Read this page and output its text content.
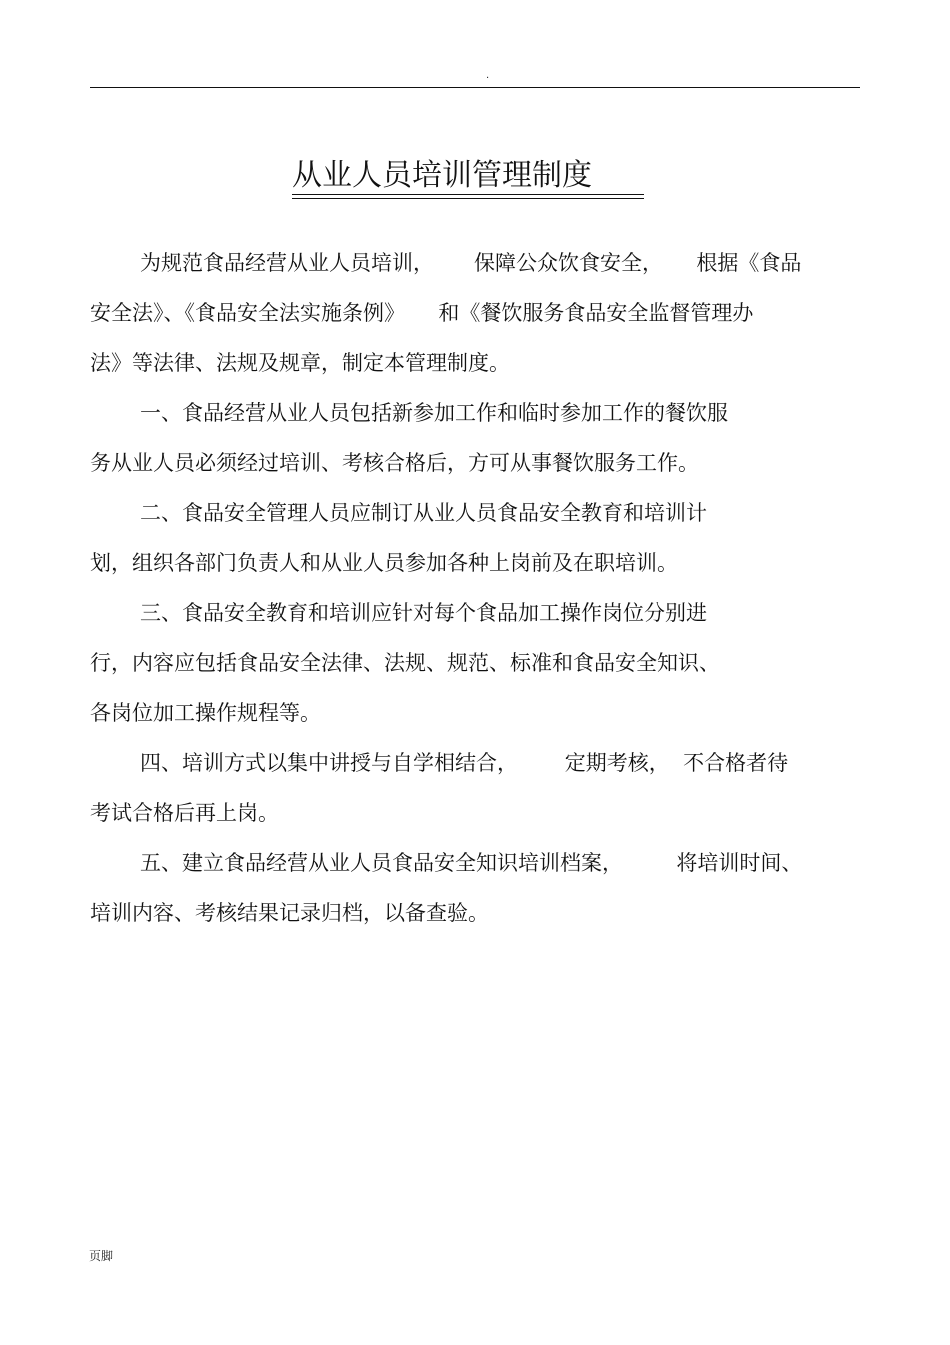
.
从业人员培训管理制度
为规范食品经营从业人员培训，      保障公众饮食安全，     根据《食品
安全法》、《食品安全法实施条例》     和《餐饮服务食品安全监督管理办
法》等法律、法规及规章，制定本管理制度。
一、食品经营从业人员包括新参加工作和临时参加工作的餐饮服
务从业人员必须经过培训、考核合格后，方可从事餐饮服务工作。
二、食品安全管理人员应制订从业人员食品安全教育和培训计
划，组织各部门负责人和从业人员参加各种上岗前及在职培训。
三、食品安全教育和培训应针对每个食品加工操作岗位分别进
行，内容应包括食品安全法律、法规、规范、标准和食品安全知识、
各岗位加工操作规程等。
四、培训方式以集中讲授与自学相结合，       定期考核，  不合格者待
考试合格后再上岗。
五、建立食品经营从业人员食品安全知识培训档案，        将培训时间、
培训内容、考核结果记录归档，以备查验。
页脚
